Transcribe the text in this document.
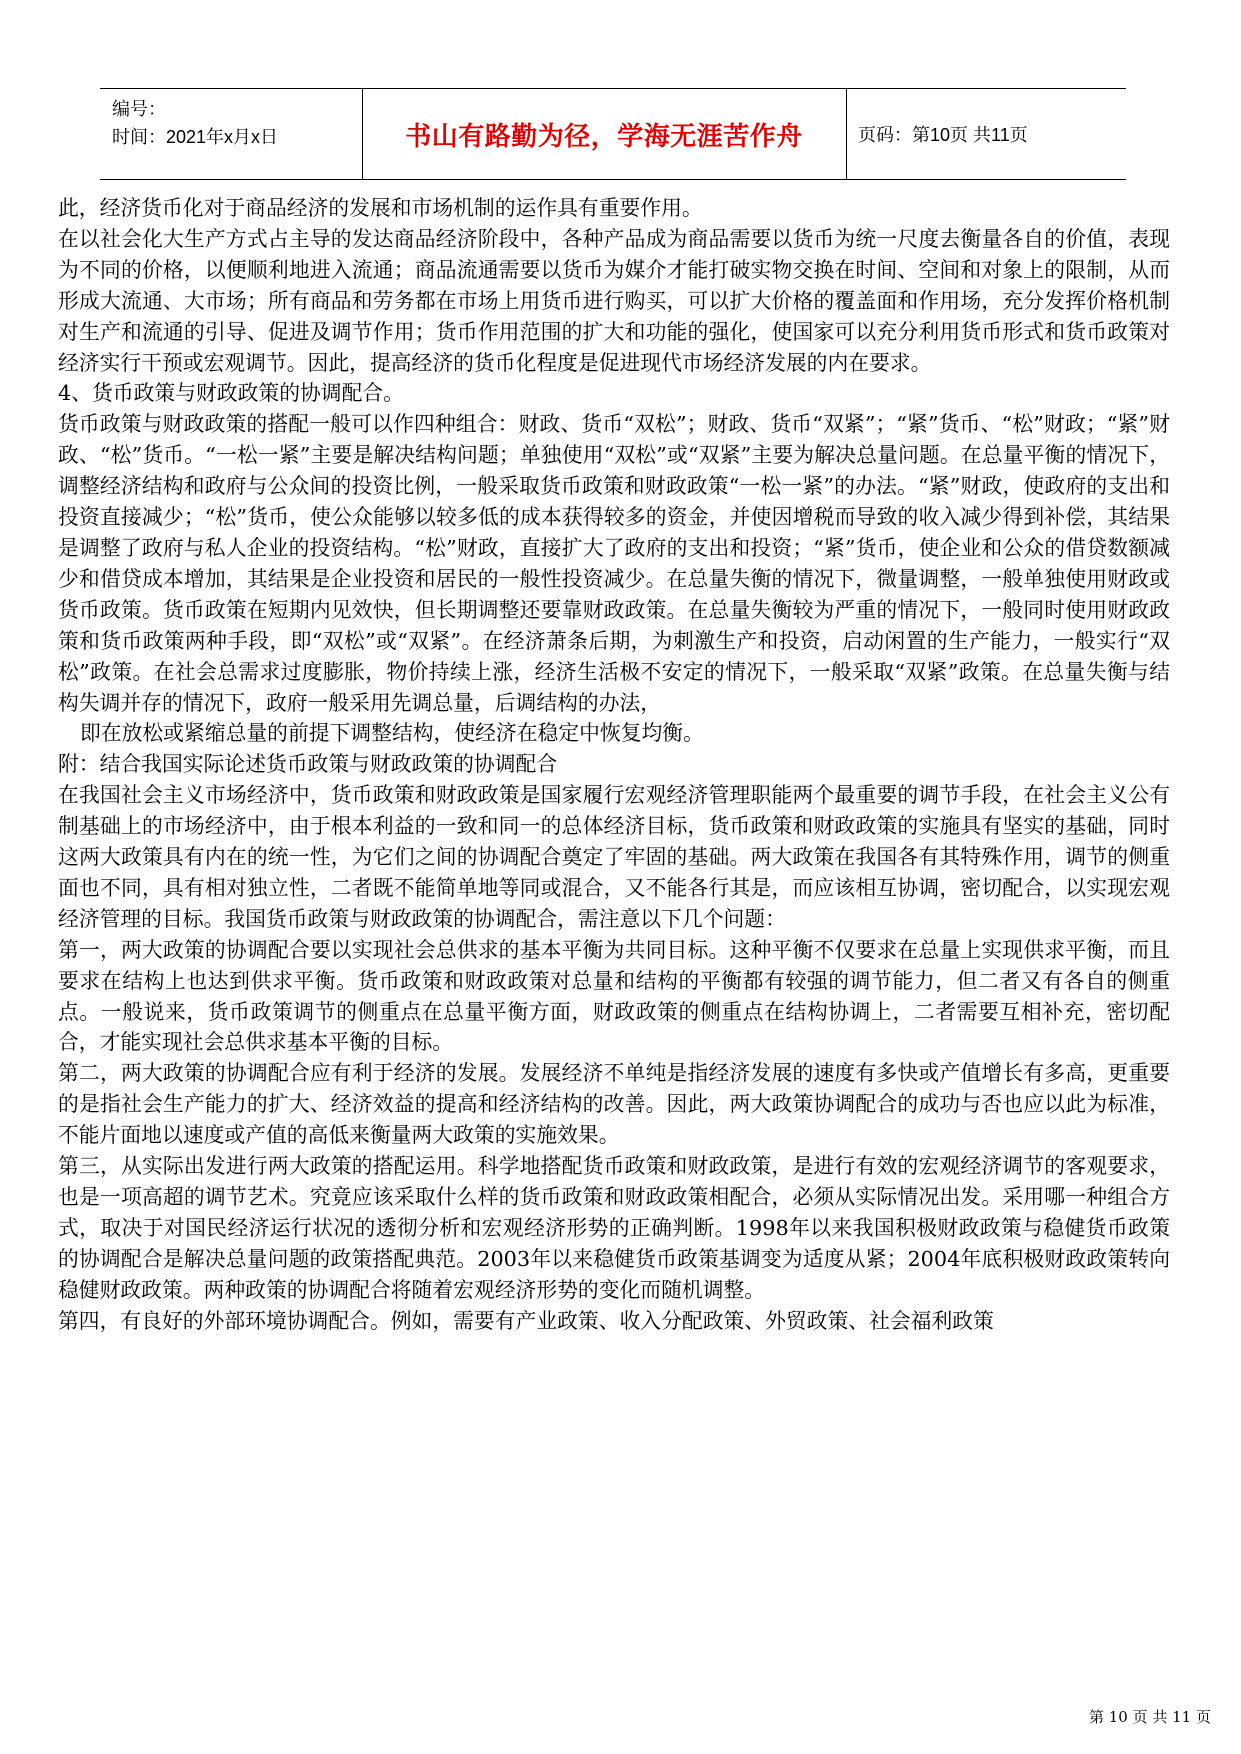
编号：
时间：2021年x月x日	书山有路勤为径，学海无涯苦作舟	页码：第10页 共11页

此，经济货币化对于商品经济的发展和市场机制的运作具有重要作用。

在以社会化大生产方式占主导的发达商品经济阶段中，各种产品成为商品需要以货币为统一尺度去衡量各自的价值，表现为不同的价格，以便顺利地进入流通；商品流通需要以货币为媒介才能打破实物交换在时间、空间和对象上的限制，从而形成大流通、大市场；所有商品和劳务都在市场上用货币进行购买，可以扩大价格的覆盖面和作用场，充分发挥价格机制对生产和流通的引导、促进及调节作用；货币作用范围的扩大和功能的强化，使国家可以充分利用货币形式和货币政策对经济实行干预或宏观调节。因此，提高经济的货币化程度是促进现代市场经济发展的内在要求。

4、货币政策与财政政策的协调配合。

货币政策与财政政策的搭配一般可以作四种组合：财政、货币“双松”；财政、货币“双紧”；“紧”货币、“松”财政；“紧”财政、“松”货币。“一松一紧”主要是解决结构问题；单独使用“双松”或“双紧”主要为解决总量问题。在总量平衡的情况下，调整经济结构和政府与公众间的投资比例，一般采取货币政策和财政政策“一松一紧”的办法。“紧”财政，使政府的支出和投资直接减少；“松”货币，使公众能够以较多低的成本获得较多的资金，并使因增税而导致的收入减少得到补偿，其结果是调整了政府与私人企业的投资结构。“松”财政，直接扩大了政府的支出和投资；“紧”货币，使企业和公众的借贷数额减少和借贷成本增加，其结果是企业投资和居民的一般性投资减少。在总量失衡的情况下，微量调整，一般单独使用财政或货币政策。货币政策在短期内见效快，但长期调整还要靠财政政策。在总量失衡较为严重的情况下，一般同时使用财政政策和货币政策两种手段，即“双松”或“双紧”。在经济萧条后期，为刺激生产和投资，启动闲置的生产能力，一般实行“双松”政策。在社会总需求过度膨胀，物价持续上涨，经济生活极不安定的情况下，一般采取“双紧”政策。在总量失衡与结构失调并存的情况下，政府一般采用先调总量，后调结构的办法，

即在放松或紧缩总量的前提下调整结构，使经济在稳定中恢复均衡。

附：结合我国实际论述货币政策与财政政策的协调配合

在我国社会主义市场经济中，货币政策和财政政策是国家履行宏观经济管理职能两个最重要的调节手段，在社会主义公有制基础上的市场经济中，由于根本利益的一致和同一的总体经济目标，货币政策和财政政策的实施具有坚实的基础，同时这两大政策具有内在的统一性，为它们之间的协调配合奠定了牢固的基础。两大政策在我国各有其特殊作用，调节的侧重面也不同，具有相对独立性，二者既不能简单地等同或混合，又不能各行其是，而应该相互协调，密切配合，以实现宏观经济管理的目标。我国货币政策与财政政策的协调配合，需注意以下几个问题：

第一，两大政策的协调配合要以实现社会总供求的基本平衡为共同目标。这种平衡不仅要求在总量上实现供求平衡，而且要求在结构上也达到供求平衡。货币政策和财政政策对总量和结构的平衡都有较强的调节能力，但二者又有各自的侧重点。一般说来，货币政策调节的侧重点在总量平衡方面，财政政策的侧重点在结构协调上，二者需要互相补充，密切配合，才能实现社会总供求基本平衡的目标。

第二，两大政策的协调配合应有利于经济的发展。发展经济不单纯是指经济发展的速度有多快或产值增长有多高，更重要的是指社会生产能力的扩大、经济效益的提高和经济结构的改善。因此，两大政策协调配合的成功与否也应以此为标准，不能片面地以速度或产值的高低来衡量两大政策的实施效果。

第三，从实际出发进行两大政策的搭配运用。科学地搭配货币政策和财政政策，是进行有效的宏观经济调节的客观要求，也是一项高超的调节艺术。究竟应该采取什么样的货币政策和财政政策相配合，必须从实际情况出发。采用哪一种组合方式，取决于对国民经济运行状况的透彻分析和宏观经济形势的正确判断。1998年以来我国积极财政政策与稳健货币政策的协调配合是解决总量问题的政策搭配典范。2003年以来稳健货币政策基调变为适度从紧；2004年底积极财政政策转向稳健财政政策。两种政策的协调配合将随着宏观经济形势的变化而随机调整。

第四，有良好的外部环境协调配合。例如，需要有产业政策、收入分配政策、外贸政策、社会福利政策

第 10 页 共 11 页
